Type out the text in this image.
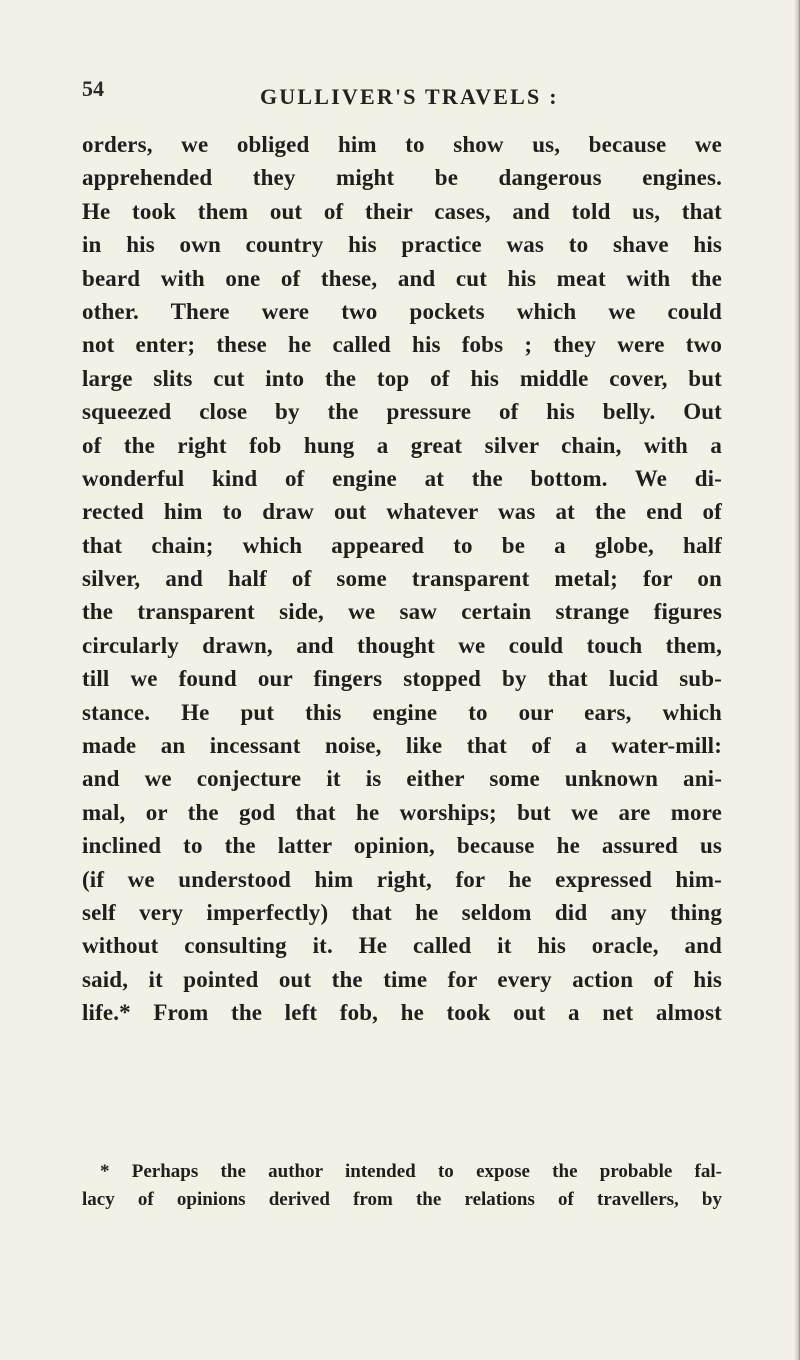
54	GULLIVER'S TRAVELS :
orders, we obliged him to show us, because we
apprehended they might be dangerous engines.
He took them out of their cases, and told us, that
in his own country his practice was to shave his
beard with one of these, and cut his meat with the
other. There were two pockets which we could
not enter; these he called his fobs ; they were two
large slits cut into the top of his middle cover, but
squeezed close by the pressure of his belly. Out
of the right fob hung a great silver chain, with a
wonderful kind of engine at the bottom. We di-
rected him to draw out whatever was at the end of
that chain; which appeared to be a globe, half
silver, and half of some transparent metal; for on
the transparent side, we saw certain strange figures
circularly drawn, and thought we could touch them,
till we found our fingers stopped by that lucid sub-
stance. He put this engine to our ears, which
made an incessant noise, like that of a water-mill:
and we conjecture it is either some unknown ani-
mal, or the god that he worships; but we are more
inclined to the latter opinion, because he assured us
(if we understood him right, for he expressed him-
self very imperfectly) that he seldom did any thing
without consulting it. He called it his oracle, and
said, it pointed out the time for every action of his
life.* From the left fob, he took out a net almost
* Perhaps the author intended to expose the probable fal-
lacy of opinions derived from the relations of travellers, by
